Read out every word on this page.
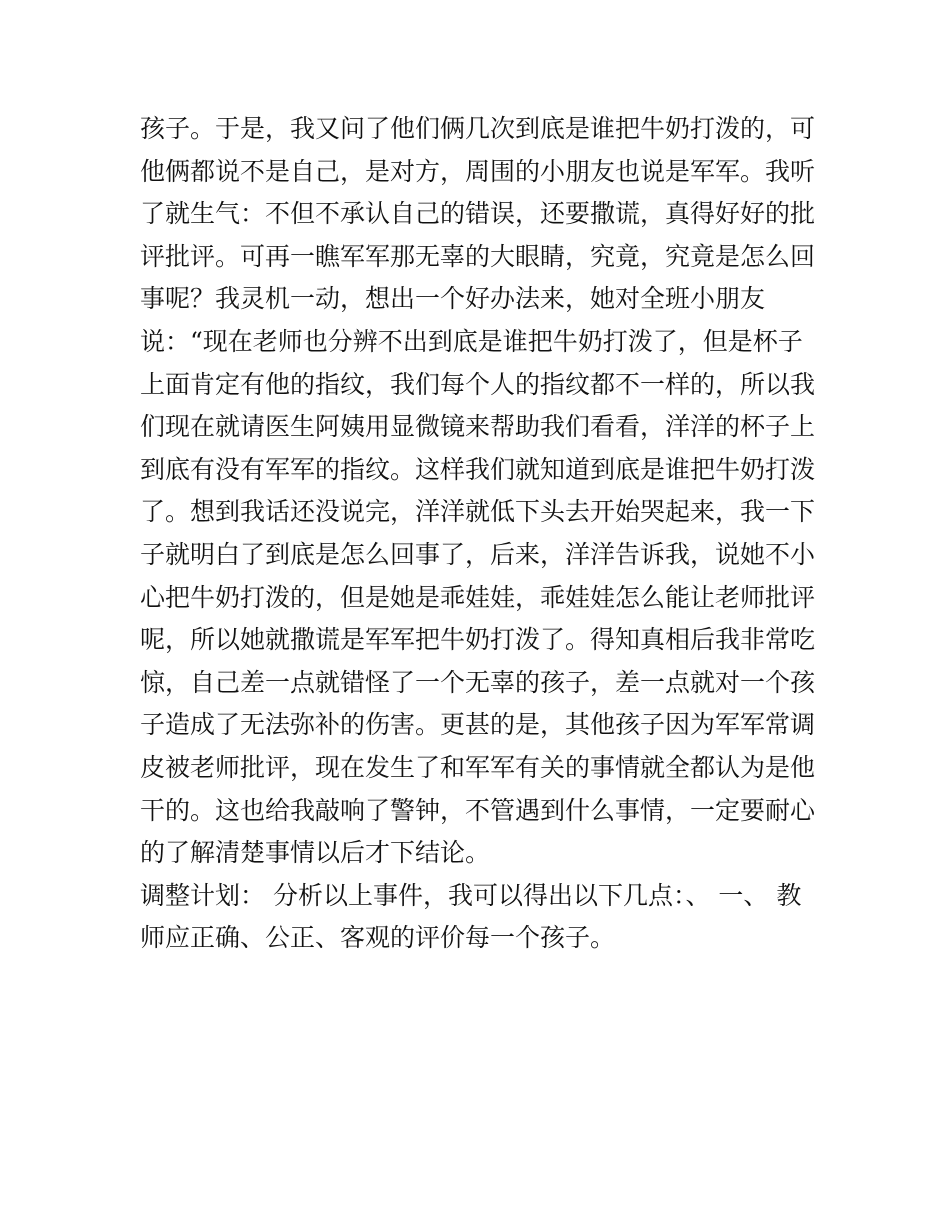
孩子。于是，我又问了他们俩几次到底是谁把牛奶打泼的，可
他俩都说不是自己，是对方，周围的小朋友也说是军军。我听
了就生气：不但不承认自己的错误，还要撒谎，真得好好的批
评批评。可再一瞧军军那无辜的大眼睛，究竟，究竟是怎么回
事呢？我灵机一动，想出一个好办法来，她对全班小朋友
说：“现在老师也分辨不出到底是谁把牛奶打泼了，但是杯子
上面肯定有他的指纹，我们每个人的指纹都不一样的，所以我
们现在就请医生阿姨用显微镜来帮助我们看看，洋洋的杯子上
到底有没有军军的指纹。这样我们就知道到底是谁把牛奶打泼
了。想到我话还没说完，洋洋就低下头去开始哭起来，我一下
子就明白了到底是怎么回事了，后来，洋洋告诉我，说她不小
心把牛奶打泼的，但是她是乖娃娃，乖娃娃怎么能让老师批评
呢，所以她就撒谎是军军把牛奶打泼了。得知真相后我非常吃
惊，自己差一点就错怪了一个无辜的孩子，差一点就对一个孩
子造成了无法弥补的伤害。更甚的是，其他孩子因为军军常调
皮被老师批评，现在发生了和军军有关的事情就全都认为是他
干的。这也给我敲响了警钟，不管遇到什么事情，一定要耐心
的了解清楚事情以后才下结论。
调整计划： 分析以上事件，我可以得出以下几点：、 一、 教
师应正确、公正、客观的评价每一个孩子。
